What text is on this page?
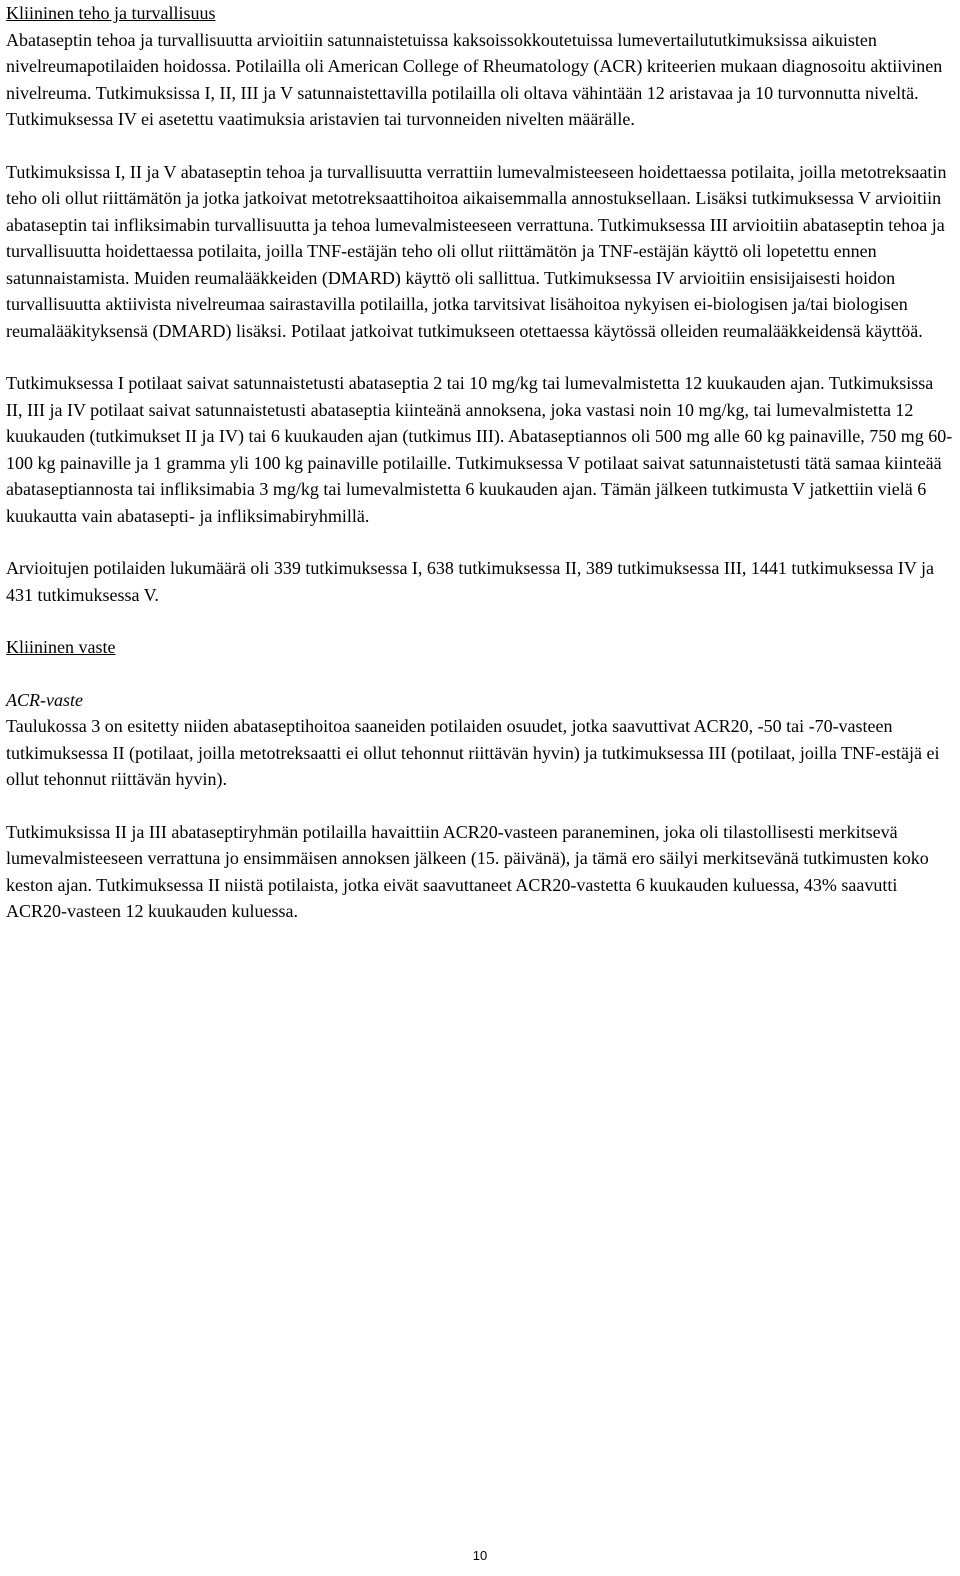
Kliininen teho ja turvallisuus

Abataseptin tehoa ja turvallisuutta arvioitiin satunnaistetuissa kaksoissokkoutetuissa lumevertailututkimuksissa aikuisten nivelreumapotilaiden hoidossa. Potilailla oli American College of Rheumatology (ACR) kriteerien mukaan diagnosoitu aktiivinen nivelreuma. Tutkimuksissa I, II, III ja V satunnaistettavilla potilailla oli oltava vähintään 12 aristavaa ja 10 turvonnutta niveltä. Tutkimuksessa IV ei asetettu vaatimuksia aristavien tai turvonneiden nivelten määrälle.

Tutkimuksissa I, II ja V abataseptin tehoa ja turvallisuutta verrattiin lumevalmisteeseen hoidettaessa potilaita, joilla metotreksaatin teho oli ollut riittämätön ja jotka jatkoivat metotreksaattihoitoa aikaisemmalla annostuksellaan. Lisäksi tutkimuksessa V arvioitiin abataseptin tai infliksimabin turvallisuutta ja tehoa lumevalmisteeseen verrattuna. Tutkimuksessa III arvioitiin abataseptin tehoa ja turvallisuutta hoidettaessa potilaita, joilla TNF-estäjän teho oli ollut riittämätön ja TNF-estäjän käyttö oli lopetettu ennen satunnaistamista. Muiden reumalääkkeiden (DMARD) käyttö oli sallittua. Tutkimuksessa IV arvioitiin ensisijaisesti hoidon turvallisuutta aktiivista nivelreumaa sairastavilla potilailla, jotka tarvitsivat lisähoitoa nykyisen ei-biologisen ja/tai biologisen reumalääkityksensä (DMARD) lisäksi. Potilaat jatkoivat tutkimukseen otettaessa käytössä olleiden reumalääkkeidensä käyttöä.

Tutkimuksessa I potilaat saivat satunnaistetusti abataseptia 2 tai 10 mg/kg tai lumevalmistetta 12 kuukauden ajan. Tutkimuksissa II, III ja IV potilaat saivat satunnaistetusti abataseptia kiinteänä annoksena, joka vastasi noin 10 mg/kg, tai lumevalmistetta 12 kuukauden (tutkimukset II ja IV) tai 6 kuukauden ajan (tutkimus III). Abataseptiannos oli 500 mg alle 60 kg painaville, 750 mg 60-100 kg painaville ja 1 gramma yli 100 kg painaville potilaille. Tutkimuksessa V potilaat saivat satunnaistetusti tätä samaa kiinteää abataseptiannosta tai infliksimabia 3 mg/kg tai lumevalmistetta 6 kuukauden ajan. Tämän jälkeen tutkimusta V jatkettiin vielä 6 kuukautta vain abatasepti- ja infliksimabiryhmillä.

Arvioitujen potilaiden lukumäärä oli 339 tutkimuksessa I, 638 tutkimuksessa II, 389 tutkimuksessa III, 1441 tutkimuksessa IV ja 431 tutkimuksessa V.

Kliininen vaste

ACR-vaste

Taulukossa 3 on esitetty niiden abataseptihoitoa saaneiden potilaiden osuudet, jotka saavuttivat ACR20, -50 tai -70-vasteen tutkimuksessa II (potilaat, joilla metotreksaatti ei ollut tehonnut riittävän hyvin) ja tutkimuksessa III (potilaat, joilla TNF-estäjä ei ollut tehonnut riittävän hyvin).

Tutkimuksissa II ja III abataseptiryhmän potilailla havaittiin ACR20-vasteen paraneminen, joka oli tilastollisesti merkitsevä lumevalmisteeseen verrattuna jo ensimmäisen annoksen jälkeen (15. päivänä), ja tämä ero säilyi merkitsevänä tutkimusten koko keston ajan. Tutkimuksessa II niistä potilaista, jotka eivät saavuttaneet ACR20-vastetta 6 kuukauden kuluessa, 43% saavutti ACR20-vasteen 12 kuukauden kuluessa.

10
